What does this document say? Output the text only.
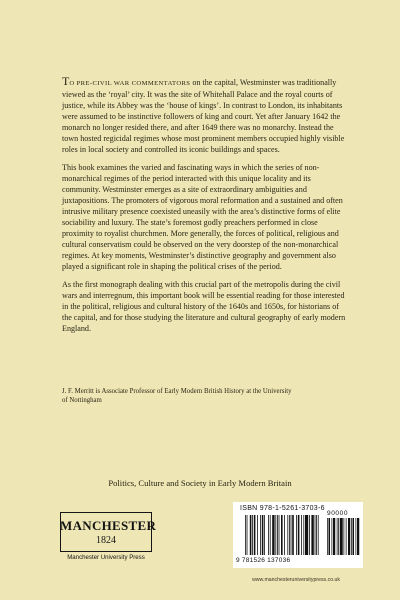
TO PRE-CIVIL WAR COMMENTATORS on the capital, Westminster was traditionally viewed as the ‘royal’ city. It was the site of Whitehall Palace and the royal courts of justice, while its Abbey was the ‘house of kings’. In contrast to London, its inhabitants were assumed to be instinctive followers of king and court. Yet after January 1642 the monarch no longer resided there, and after 1649 there was no monarchy. Instead the town hosted regicidal regimes whose most prominent members occupied highly visible roles in local society and controlled its iconic buildings and spaces.

This book examines the varied and fascinating ways in which the series of non-monarchical regimes of the period interacted with this unique locality and its community. Westminster emerges as a site of extraordinary ambiguities and juxtapositions. The promoters of vigorous moral reformation and a sustained and often intrusive military presence coexisted uneasily with the area’s distinctive forms of elite sociability and luxury. The state’s foremost godly preachers performed in close proximity to royalist churchmen. More generally, the forces of political, religious and cultural conservatism could be observed on the very doorstep of the non-monarchical regimes. At key moments, Westminster’s distinctive geography and government also played a significant role in shaping the political crises of the period.

As the first monograph dealing with this crucial part of the metropolis during the civil wars and interregnum, this important book will be essential reading for those interested in the political, religious and cultural history of the 1640s and 1650s, for historians of the capital, and for those studying the literature and cultural geography of early modern England.

J. F. Merritt is Associate Professor of Early Modern British History at the University of Nottingham
Politics, Culture and Society in Early Modern Britain
MANCHESTER
1824
Manchester University Press
ISBN 978-1-5261-3703-6
90000
9 781526 137036
www.manchesteruniversitypress.co.uk
